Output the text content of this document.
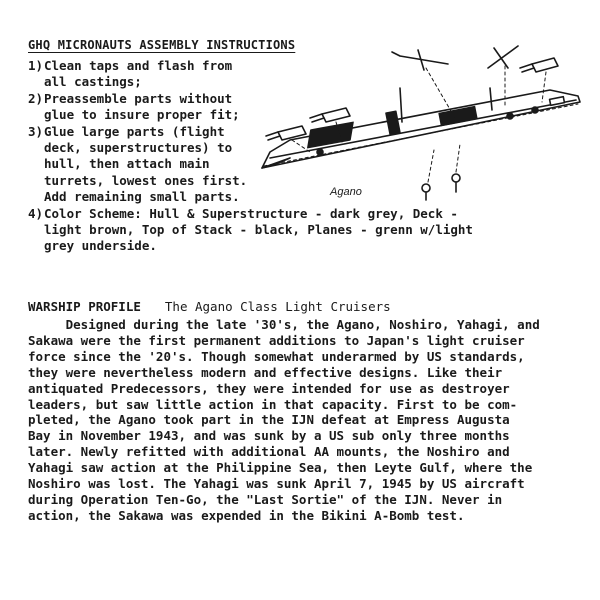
GHQ MICRONAUTS ASSEMBLY INSTRUCTIONS
1)Clean taps and flash from
all castings;
2)Preassemble parts without
glue to insure proper fit;
3)Glue large parts (flight
deck, superstructures) to
hull, then attach main
turrets, lowest ones first.
Add remaining small parts.
4)Color Scheme: Hull & Superstructure - dark grey, Deck -
light brown, Top of Stack - black, Planes - grenn w/light
grey underside.
Agano
WARSHIP PROFILE The Agano Class Light Cruisers
Designed during the late '30's, the Agano, Noshiro, Yahagi, and
Sakawa were the first permanent additions to Japan's light cruiser
force since the '20's. Though somewhat underarmed by US standards,
they were nevertheless modern and effective designs. Like their
antiquated Predecessors, they were intended for use as destroyer
leaders, but saw little action in that capacity. First to be com-
pleted, the Agano took part in the IJN defeat at Empress Augusta
Bay in November 1943, and was sunk by a US sub only three months
later. Newly refitted with additional AA mounts, the Noshiro and
Yahagi saw action at the Philippine Sea, then Leyte Gulf, where the
Noshiro was lost. The Yahagi was sunk April 7, 1945 by US aircraft
during Operation Ten-Go, the "Last Sortie" of the IJN. Never in
action, the Sakawa was expended in the Bikini A-Bomb test.
